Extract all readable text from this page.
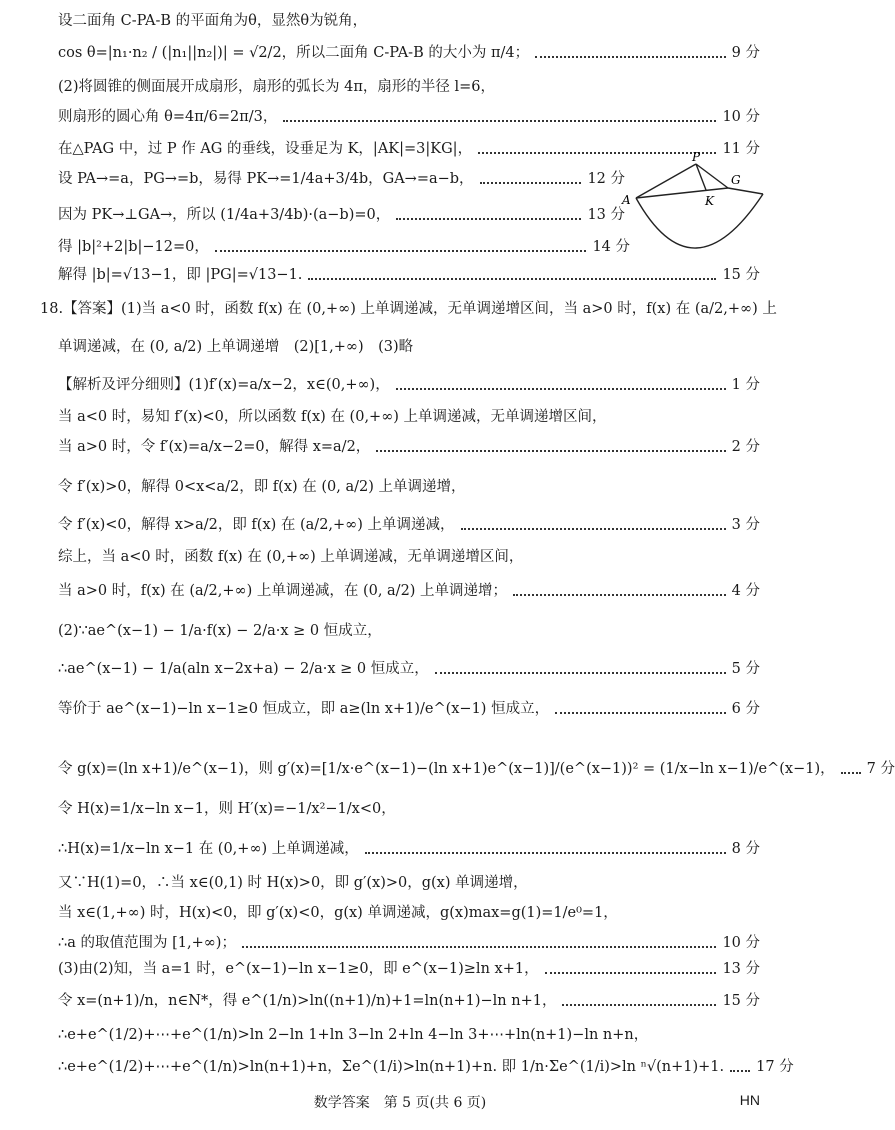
设二面角 C-PA-B 的平面角为θ，显然θ为锐角，
cos θ=|n₁·n₂ / (|n₁||n₂|)| = √2/2，所以二面角 C-PA-B 的大小为 π/4；	9 分
(2)将圆锥的侧面展开成扇形，扇形的弧长为 4π，扇形的半径 l=6，
则扇形的圆心角 θ=4π/6=2π/3，	10 分
在△PAG 中，过 P 作 AG 的垂线，设垂足为 K，|AK|=3|KG|，	11 分
设 PA→=a，PG→=b，易得 PK→=1/4a+3/4b，GA→=a−b，	12 分
因为 PK→⊥GA→，所以 (1/4a+3/4b)·(a−b)=0，	13 分
得 |b|²+2|b|−12=0，	14 分
解得 |b|=√13−1，即 |PG|=√13−1.	15 分
18.【答案】(1)当 a<0 时，函数 f(x) 在 (0,+∞) 上单调递减，无单调递增区间，当 a>0 时，f(x) 在 (a/2,+∞) 上
单调递减，在 (0, a/2) 上单调递增　(2)[1,+∞)　(3)略
【解析及评分细则】(1)f′(x)=a/x−2，x∈(0,+∞)，	1 分
当 a<0 时，易知 f′(x)<0，所以函数 f(x) 在 (0,+∞) 上单调递减，无单调递增区间，
当 a>0 时，令 f′(x)=a/x−2=0，解得 x=a/2，	2 分
令 f′(x)>0，解得 0<x<a/2，即 f(x) 在 (0, a/2) 上单调递增，
令 f′(x)<0，解得 x>a/2，即 f(x) 在 (a/2,+∞) 上单调递减，	3 分
综上，当 a<0 时，函数 f(x) 在 (0,+∞) 上单调递减，无单调递增区间，
当 a>0 时，f(x) 在 (a/2,+∞) 上单调递减，在 (0, a/2) 上单调递增；	4 分
(2)∵ae^(x−1) − 1/a·f(x) − 2/a·x ≥ 0 恒成立，
∴ae^(x−1) − 1/a(aln x−2x+a) − 2/a·x ≥ 0 恒成立，	5 分
等价于 ae^(x−1)−ln x−1≥0 恒成立，即 a≥(ln x+1)/e^(x−1) 恒成立，	6 分
令 g(x)=(ln x+1)/e^(x−1)，则 g′(x)=[1/x·e^(x−1)−(ln x+1)e^(x−1)]/(e^(x−1))² = (1/x−ln x−1)/e^(x−1)， 7 分
令 H(x)=1/x−ln x−1，则 H′(x)=−1/x²−1/x<0，
∴H(x)=1/x−ln x−1 在 (0,+∞) 上单调递减，	8 分
又∵H(1)=0，∴当 x∈(0,1) 时 H(x)>0，即 g′(x)>0，g(x) 单调递增，
当 x∈(1,+∞) 时，H(x)<0，即 g′(x)<0，g(x) 单调递减，g(x)max=g(1)=1/e⁰=1，
∴a 的取值范围为 [1,+∞)；	10 分
(3)由(2)知，当 a=1 时，e^(x−1)−ln x−1≥0，即 e^(x−1)≥ln x+1，	13 分
令 x=(n+1)/n，n∈N*，得 e^(1/n)>ln((n+1)/n)+1=ln(n+1)−ln n+1，	15 分
∴e+e^(1/2)+⋯+e^(1/n)>ln 2−ln 1+ln 3−ln 2+ln 4−ln 3+⋯+ln(n+1)−ln n+n，
∴e+e^(1/2)+⋯+e^(1/n)>ln(n+1)+n，Σe^(1/i)>ln(n+1)+n. 即 1/n·Σe^(1/i)>ln ⁿ√(n+1)+1. 17 分
P
G
A	K
数学答案　第 5 页(共 6 页)	HN
